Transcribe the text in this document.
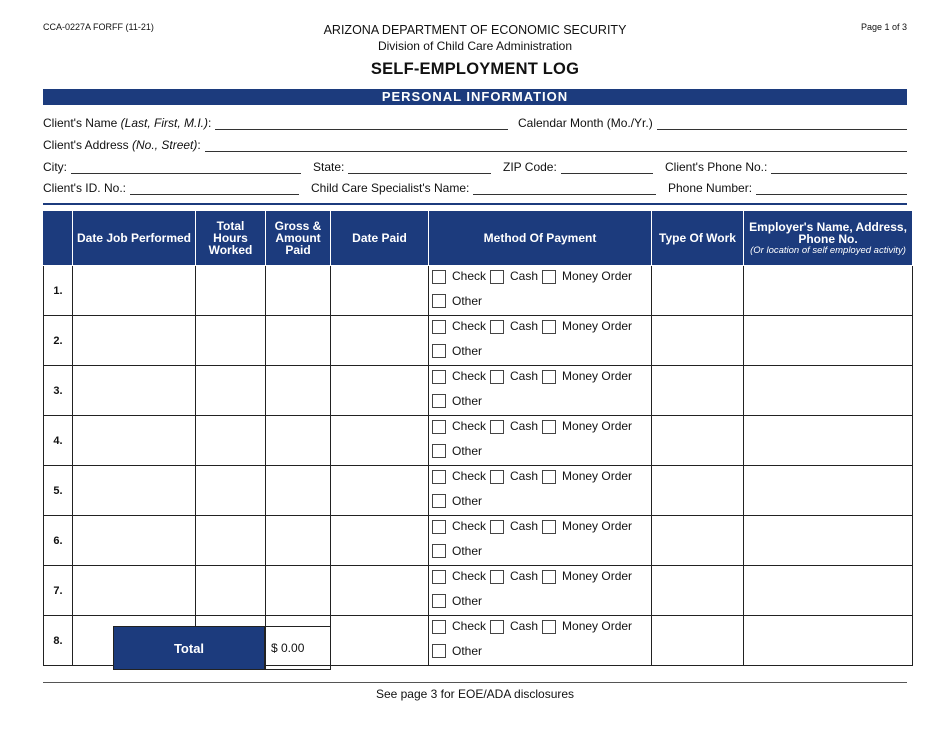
CCA-0227A FORFF (11-21)	Page 1 of 3
ARIZONA DEPARTMENT OF ECONOMIC SECURITY
Division of Child Care Administration
SELF-EMPLOYMENT LOG
PERSONAL INFORMATION
Client's Name (Last, First, M.I.):	Calendar Month (Mo./Yr.)
Client's Address (No., Street):
City:	State:	ZIP Code:	Client's Phone No.:
Client's ID. No.:	Child Care Specialist's Name:	Phone Number:
	Date Job Performed	Total Hours Worked	Gross & Amount Paid	Date Paid	Method Of Payment	Type Of Work	Employer's Name, Address, Phone No.
(Or location of self employed activity)

1.					Check Cash Money Order

Other		

2.					Check Cash Money Order

Other		

3.					Check Cash Money Order

Other		

4.					Check Cash Money Order

Other		

5.					Check Cash Money Order

Other		

6.					Check Cash Money Order

Other		

7.					Check Cash Money Order

Other		

8.					Check Cash Money Order

Other		

Total	$ 0.00
See page 3 for EOE/ADA disclosures
